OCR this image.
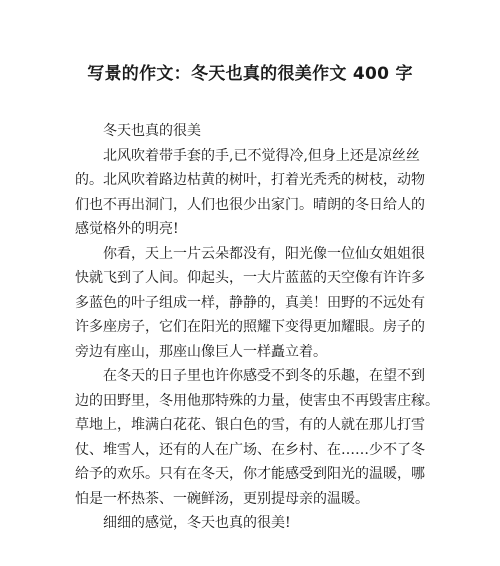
写景的作文：冬天也真的很美作文 400 字
冬天也真的很美
北风吹着带手套的手,已不觉得冷,但身上还是凉丝丝
的。北风吹着路边枯黄的树叶，打着光秃秃的树枝，动物
们也不再出洞门，人们也很少出家门。晴朗的冬日给人的
感觉格外的明亮!
你看，天上一片云朵都没有，阳光像一位仙女姐姐很
快就飞到了人间。仰起头，一大片蓝蓝的天空像有许许多
多蓝色的叶子组成一样，静静的，真美！田野的不远处有
许多座房子，它们在阳光的照耀下变得更加耀眼。房子的
旁边有座山，那座山像巨人一样矗立着。
在冬天的日子里也许你感受不到冬的乐趣，在望不到
边的田野里，冬用他那特殊的力量，使害虫不再毁害庄稼。
草地上，堆满白花花、银白色的雪，有的人就在那儿打雪
仗、堆雪人，还有的人在广场、在乡村、在……少不了冬
给予的欢乐。只有在冬天，你才能感受到阳光的温暖，哪
怕是一杯热茶、一碗鲜汤，更别提母亲的温暖。
细细的感觉，冬天也真的很美!
